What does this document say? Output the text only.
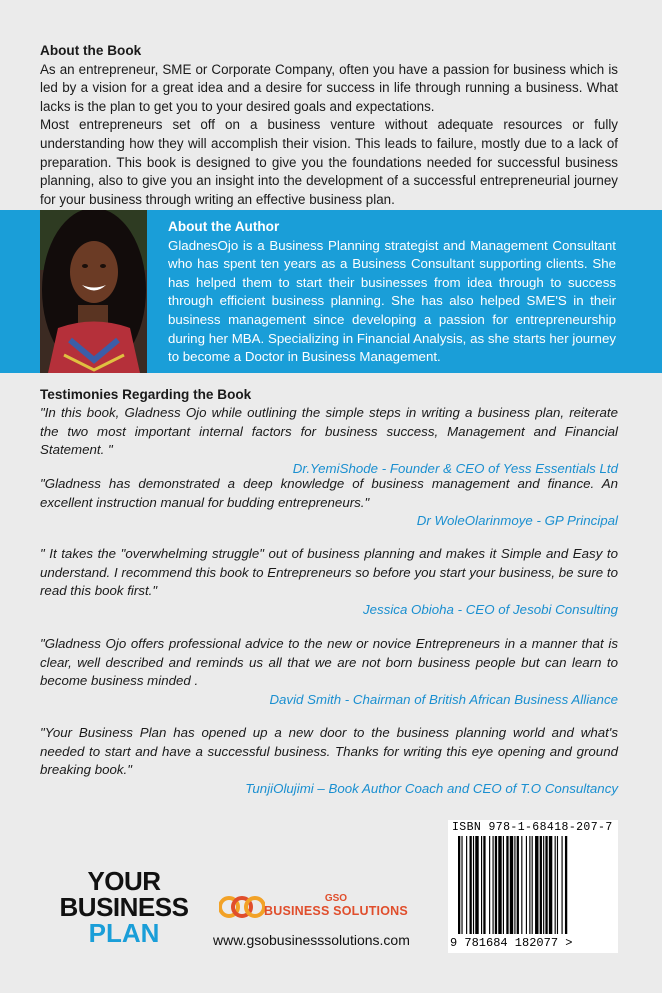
About the Book

As an entrepreneur, SME or Corporate Company, often you have a passion for business which is led by a vision for a great idea and a desire for success in life through running a business. What lacks is the plan to get you to your desired goals and expectations.

Most entrepreneurs set off on a business venture without adequate resources or fully understanding how they will accomplish their vision. This leads to failure, mostly due to a lack of preparation. This book is designed to give you the foundations needed for successful business planning, also to give you an insight into the development of a successful entrepreneurial journey for your business through writing an effective business plan.

About the Author

GladnesOjo is a Business Planning strategist and Management Consultant who has spent ten years as a Business Consultant supporting clients. She has helped them to start their businesses from idea through to success through efficient business planning. She has also helped SME'S in their business management since developing a passion for entrepreneurship during her MBA. Specializing in Financial Analysis, as she starts her journey to become a Doctor in Business Management.

Testimonies Regarding the Book

"In this book, Gladness Ojo while outlining the simple steps in writing a business plan, reiterate the two most important internal factors for business success, Management and Financial Statement. "

Dr.YemiShode - Founder & CEO of Yess Essentials Ltd

"Gladness has demonstrated a deep knowledge of business management and finance. An excellent instruction manual for budding entrepreneurs."

Dr WoleOlarinmoye - GP Principal

" It takes the "overwhelming struggle" out of business planning and makes it Simple and Easy to understand. I recommend this book to Entrepreneurs so before you start your business, be sure to read this book first."

Jessica Obioha - CEO of Jesobi Consulting

"Gladness Ojo offers professional advice to the new or novice Entrepreneurs in a manner that is clear, well described and reminds us all that we are not born business people but can learn to become business minded .

David Smith - Chairman of British African Business Alliance

"Your Business Plan has opened up a new door to the business planning world and what's needed to start and have a successful business. Thanks for writing this eye opening and ground breaking book."

TunjiOlujimi – Book Author Coach and CEO of T.O Consultancy

YOUR
BUSINESS
PLAN
GSO
BUSINESS SOLUTIONS
www.gsobusinesssolutions.com
ISBN 978-1-68418-207-7
9 781684 182077 >
